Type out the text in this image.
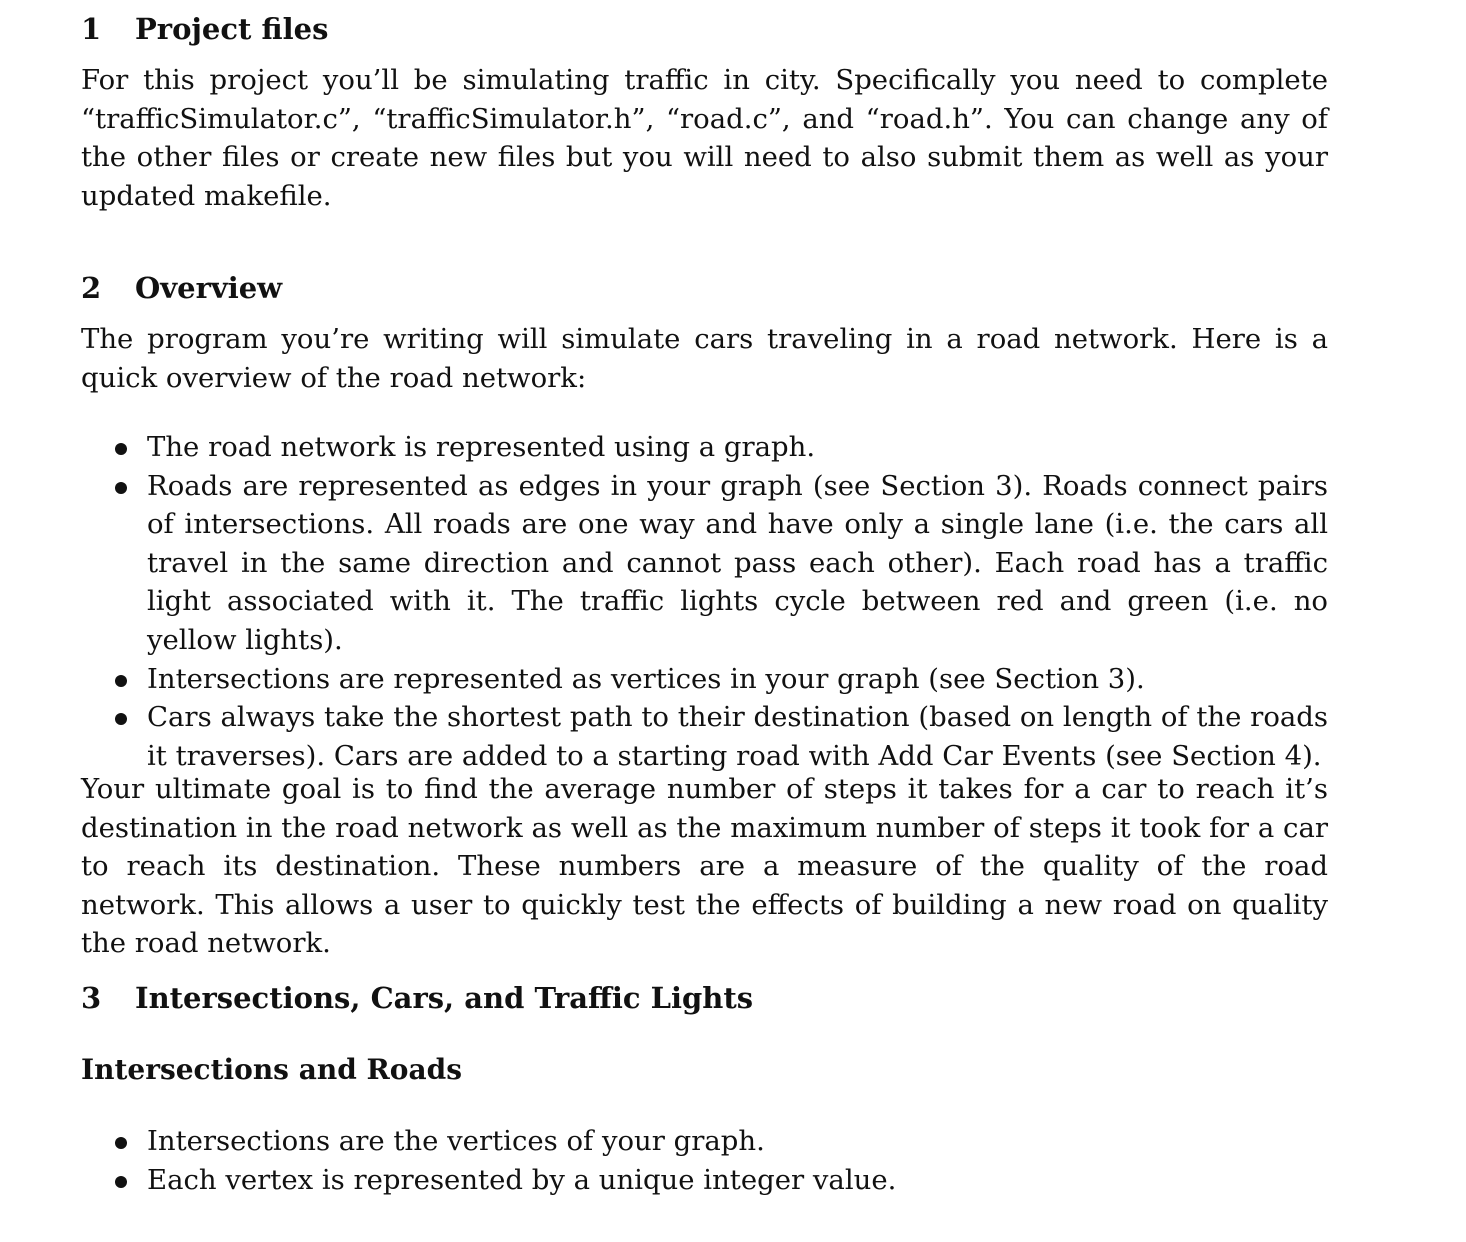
1 Project files

For this project you’ll be simulating traffic in city. Specifically you need to complete “trafficSimulator.c”, “trafficSimulator.h”, “road.c”, and “road.h”. You can change any of the other files or create new files but you will need to also submit them as well as your updated makefile.

2 Overview

The program you’re writing will simulate cars traveling in a road network. Here is a quick overview of the road network:

The road network is represented using a graph.
Roads are represented as edges in your graph (see Section 3). Roads connect pairs of intersections. All roads are one way and have only a single lane (i.e. the cars all travel in the same direction and cannot pass each other). Each road has a traffic light associated with it. The traffic lights cycle between red and green (i.e. no yellow lights).
Intersections are represented as vertices in your graph (see Section 3).
Cars always take the shortest path to their destination (based on length of the roads it traverses). Cars are added to a starting road with Add Car Events (see Section 4).

Your ultimate goal is to find the average number of steps it takes for a car to reach it’s destination in the road network as well as the maximum number of steps it took for a car to reach its destination. These numbers are a measure of the quality of the road network. This allows a user to quickly test the effects of building a new road on quality the road network.

3 Intersections, Cars, and Traffic Lights
Intersections and Roads
Intersections are the vertices of your graph.
Each vertex is represented by a unique integer value.
